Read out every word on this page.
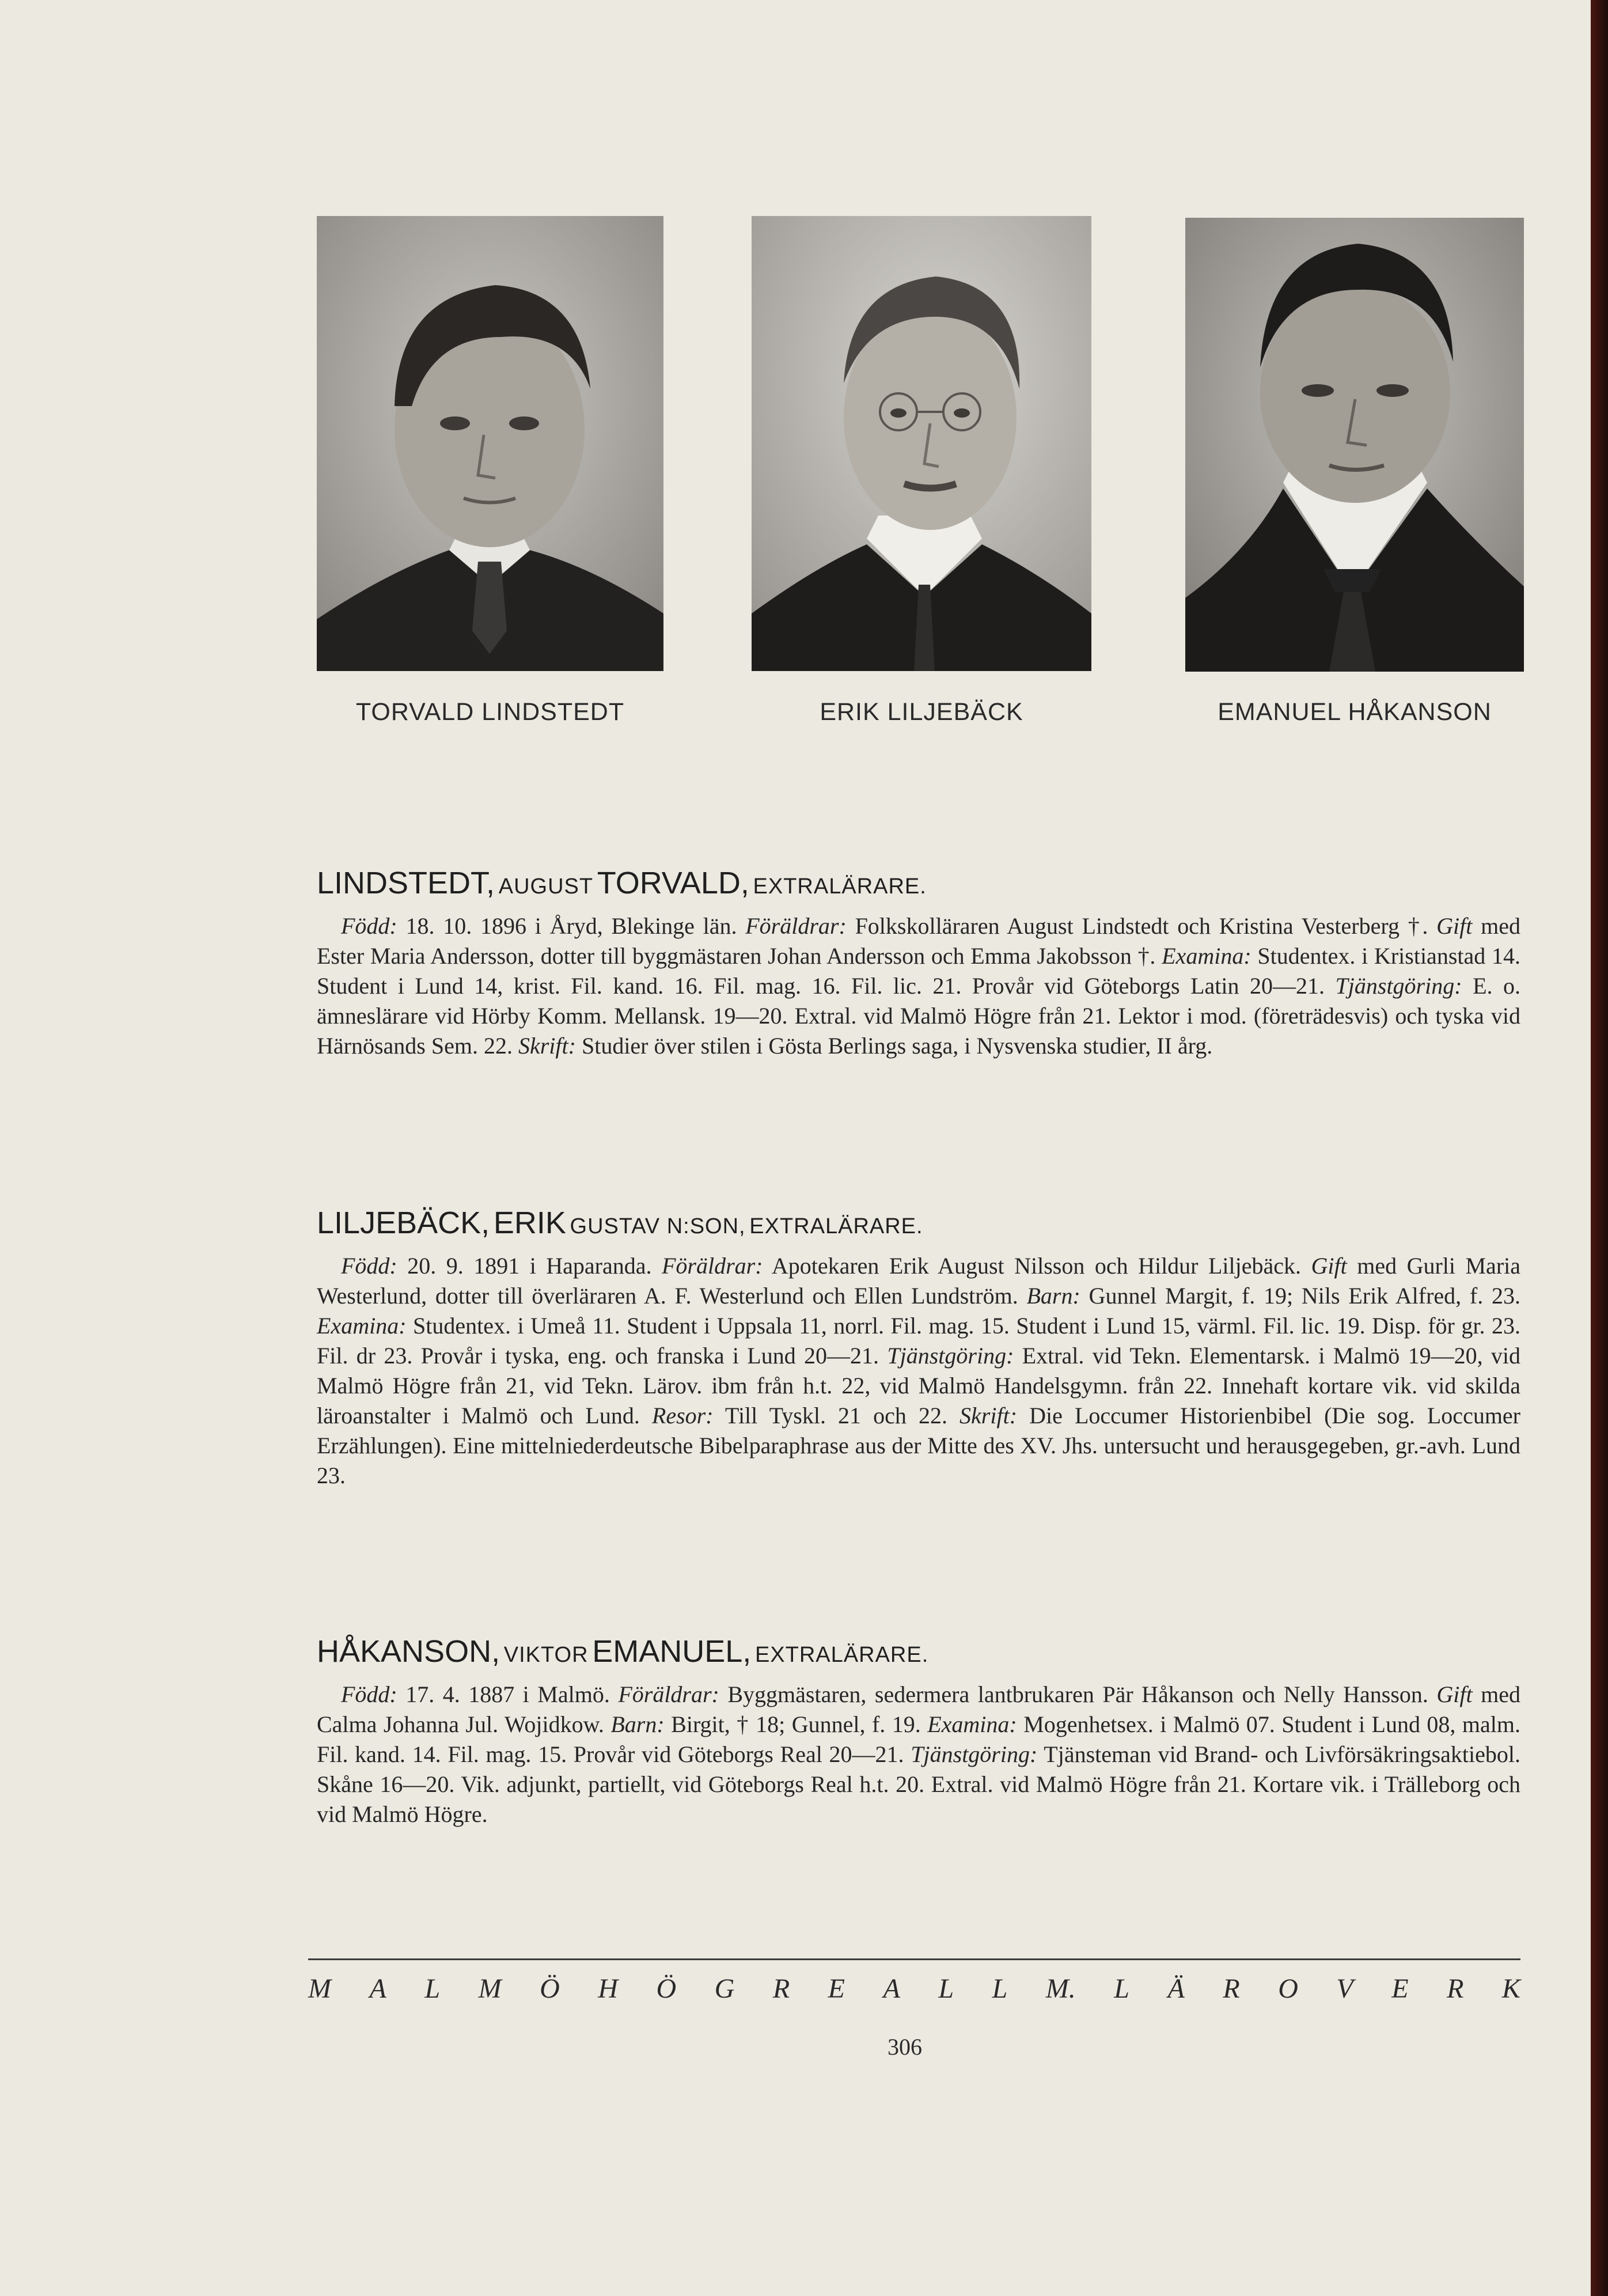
TORVALD LINDSTEDT	ERIK LILJEBÄCK	EMANUEL HÅKANSON
LINDSTEDT, AUGUST TORVALD, EXTRALÄRARE.

Född: 18. 10. 1896 i Åryd, Blekinge län. Föräldrar: Folkskolläraren August Lindstedt och Kristina Vesterberg †. Gift med Ester Maria Andersson, dotter till byggmästaren Johan Andersson och Emma Jakobsson †. Examina: Studentex. i Kristianstad 14. Student i Lund 14, krist. Fil. kand. 16. Fil. mag. 16. Fil. lic. 21. Provår vid Göteborgs Latin 20—21. Tjänstgöring: E. o. ämneslärare vid Hörby Komm. Mellansk. 19—20. Extral. vid Malmö Högre från 21. Lektor i mod. (företrädesvis) och tyska vid Härnösands Sem. 22. Skrift: Studier över stilen i Gösta Berlings saga, i Nysvenska studier, II årg.

LILJEBÄCK, ERIK GUSTAV N:SON, EXTRALÄRARE.

Född: 20. 9. 1891 i Haparanda. Föräldrar: Apotekaren Erik August Nilsson och Hildur Liljebäck. Gift med Gurli Maria Westerlund, dotter till överläraren A. F. Westerlund och Ellen Lundström. Barn: Gunnel Margit, f. 19; Nils Erik Alfred, f. 23. Examina: Studentex. i Umeå 11. Student i Uppsala 11, norrl. Fil. mag. 15. Student i Lund 15, värml. Fil. lic. 19. Disp. för gr. 23. Fil. dr 23. Provår i tyska, eng. och franska i Lund 20—21. Tjänstgöring: Extral. vid Tekn. Elementarsk. i Malmö 19—20, vid Malmö Högre från 21, vid Tekn. Lärov. ibm från h.t. 22, vid Malmö Handelsgymn. från 22. Innehaft kortare vik. vid skilda läroanstalter i Malmö och Lund. Resor: Till Tyskl. 21 och 22. Skrift: Die Loccumer Historienbibel (Die sog. Loccumer Erzählungen). Eine mittelniederdeutsche Bibelparaphrase aus der Mitte des XV. Jhs. untersucht und herausgegeben, gr.-avh. Lund 23.

HÅKANSON, VIKTOR EMANUEL, EXTRALÄRARE.

Född: 17. 4. 1887 i Malmö. Föräldrar: Byggmästaren, sedermera lantbrukaren Pär Håkanson och Nelly Hansson. Gift med Calma Johanna Jul. Wojidkow. Barn: Birgit, † 18; Gunnel, f. 19. Examina: Mogenhetsex. i Malmö 07. Student i Lund 08, malm. Fil. kand. 14. Fil. mag. 15. Provår vid Göteborgs Real 20—21. Tjänstgöring: Tjänsteman vid Brand- och Livförsäkringsaktiebol. Skåne 16—20. Vik. adjunkt, partiellt, vid Göteborgs Real h.t. 20. Extral. vid Malmö Högre från 21. Kortare vik. i Trälleborg och vid Malmö Högre.

M A L M Ö H Ö G R E A L L M. L Ä R O V E R K
306
